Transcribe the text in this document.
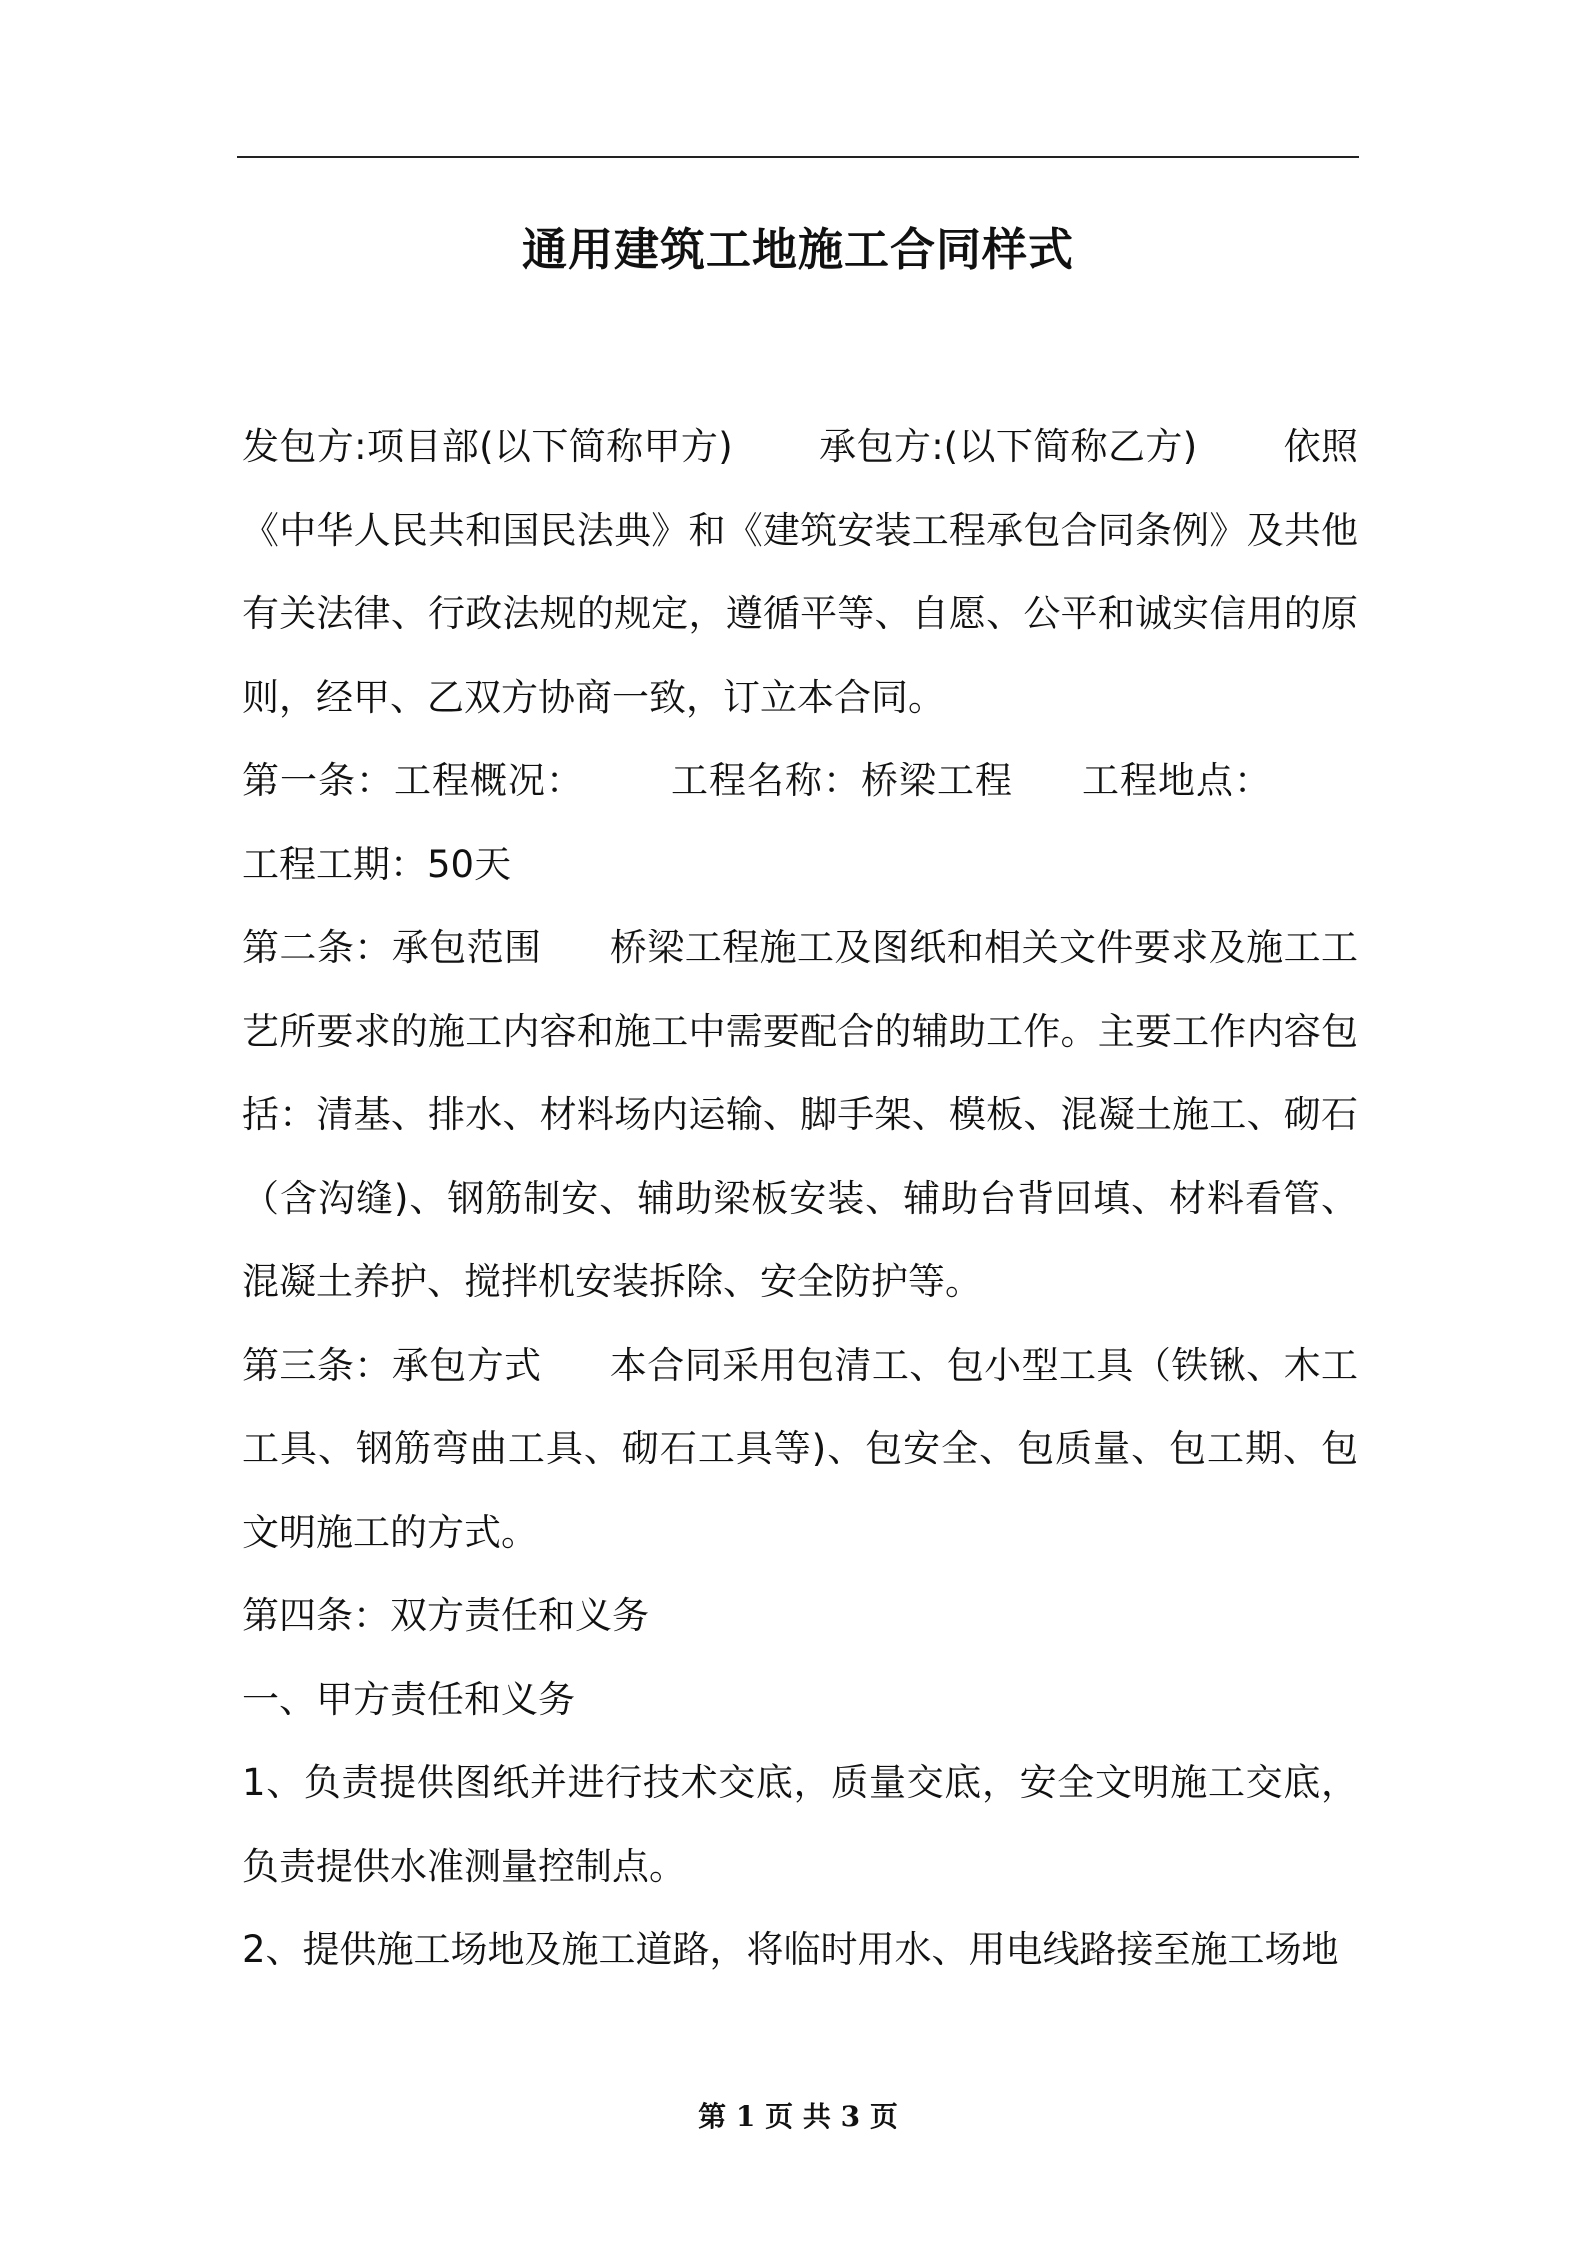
通用建筑工地施工合同样式

发包方:项目部(以下简称甲方) 承包方:(以下简称乙方) 依照《中华人民共和国民法典》和《建筑安装工程承包合同条例》及共他有关法律、行政法规的规定，遵循平等、自愿、公平和诚实信用的原则，经甲、乙双方协商一致，订立本合同。

第一条：工程概况： 工程名称：桥梁工程 工程地点：工程工期：50天

第二条：承包范围 桥梁工程施工及图纸和相关文件要求及施工工艺所要求的施工内容和施工中需要配合的辅助工作。主要工作内容包括：清基、排水、材料场内运输、脚手架、模板、混凝土施工、砌石（含沟缝)、钢筋制安、辅助梁板安装、辅助台背回填、材料看管、混凝土养护、搅拌机安装拆除、安全防护等。

第三条：承包方式 本合同采用包清工、包小型工具（铁锹、木工工具、钢筋弯曲工具、砌石工具等)、包安全、包质量、包工期、包文明施工的方式。

第四条：双方责任和义务

一、甲方责任和义务

1、负责提供图纸并进行技术交底，质量交底，安全文明施工交底，负责提供水准测量控制点。

2、提供施工场地及施工道路，将临时用水、用电线路接至施工场地

第 1 页 共 3 页
